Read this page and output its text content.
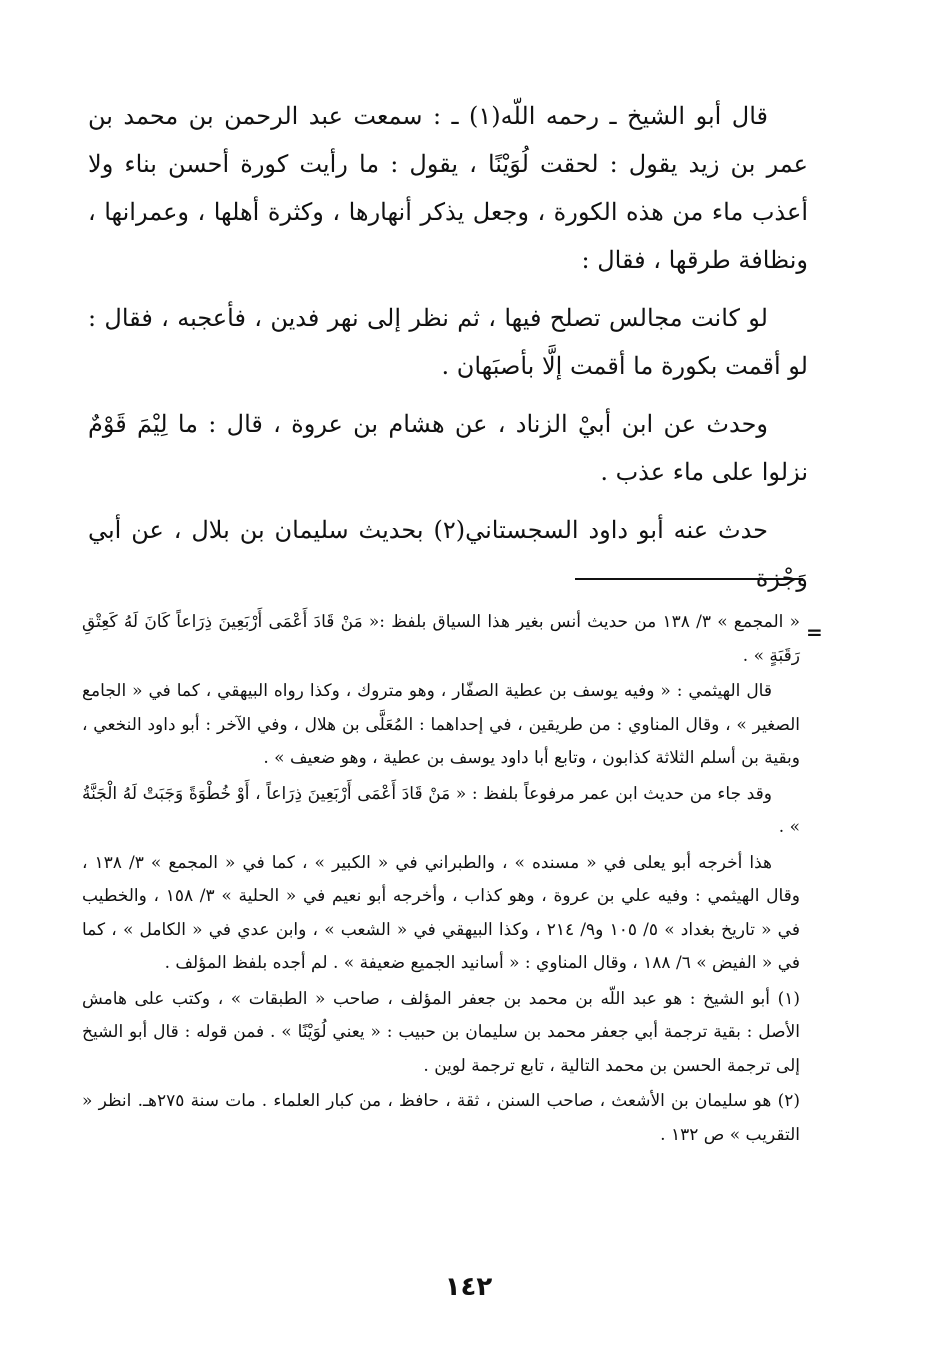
قال أبو الشيخ ـ رحمه اللّه(١) ـ : سمعت عبد الرحمن بن محمد بن عمر بن زيد يقول : لحقت لُوَيْنًا ، يقول : ما رأيت كورة أحسن بناء ولا أعذب ماء من هذه الكورة ، وجعل يذكر أنهارها ، وكثرة أهلها ، وعمرانها ، ونظافة طرقها ، فقال :

لو كانت مجالس تصلح فيها ، ثم نظر إلى نهر فدين ، فأعجبه ، فقال : لو أقمت بكورة ما أقمت إلَّا بأصبَهان .

وحدث عن ابن أبيْ الزناد ، عن هشام بن عروة ، قال : ما لِيْمَ قَوْمٌ نزلوا على ماء عذب .

حدث عنه أبو داود السجستاني(٢) بحديث سليمان بن بلال ، عن أبي وَجْزة

=

« المجمع » ٣/ ١٣٨ من حديث أنس بغير هذا السياق بلفظ :« مَنْ قَادَ أَعْمَى أَرْبَعِينَ ذِرَاعاً كَانَ لَهُ كَعِتْقِ رَقَبَةٍ » .

قال الهيثمي : « وفيه يوسف بن عطية الصفّار ، وهو متروك ، وكذا رواه البيهقي ، كما في « الجامع الصغير » ، وقال المناوي : من طريقين ، في إحداهما : المُعَلَّى بن هلال ، وفي الآخر : أبو داود النخعي ، وبقية بن أسلم الثلاثة كذابون ، وتابع أبا داود يوسف بن عطية ، وهو ضعيف » .

وقد جاء من حديث ابن عمر مرفوعاً بلفظ : « مَنْ قَادَ أَعْمَى أَرْبَعِينَ ذِرَاعاً ، أَوْ خُطْوَةً وَجَبَتْ لَهُ الْجَنَّةُ » .

هذا أخرجه أبو يعلى في « مسنده » ، والطبراني في « الكبير » ، كما في « المجمع » ٣/ ١٣٨ ، وقال الهيثمي : وفيه علي بن عروة ، وهو كذاب ، وأخرجه أبو نعيم في « الحلية » ٣/ ١٥٨ ، والخطيب في « تاريخ بغداد » ٥/ ١٠٥ و٩/ ٢١٤ ، وكذا البيهقي في « الشعب » ، وابن عدي في « الكامل » ، كما في « الفيض » ٦/ ١٨٨ ، وقال المناوي : « أسانيد الجميع ضعيفة » . لم أجده بلفظ المؤلف .

(١) أبو الشيخ : هو عبد اللّه بن محمد بن جعفر المؤلف ، صاحب « الطبقات » ، وكتب على هامش الأصل : بقية ترجمة أبي جعفر محمد بن سليمان بن حبيب : « يعني لُوَيْنًا » . فمن قوله : قال أبو الشيخ إلى ترجمة الحسن بن محمد التالية ، تابع ترجمة لوين .

(٢) هو سليمان بن الأشعث ، صاحب السنن ، ثقة ، حافظ ، من كبار العلماء . مات سنة ٢٧٥هـ. انظر « التقريب » ص ١٣٢ .

١٤٢
